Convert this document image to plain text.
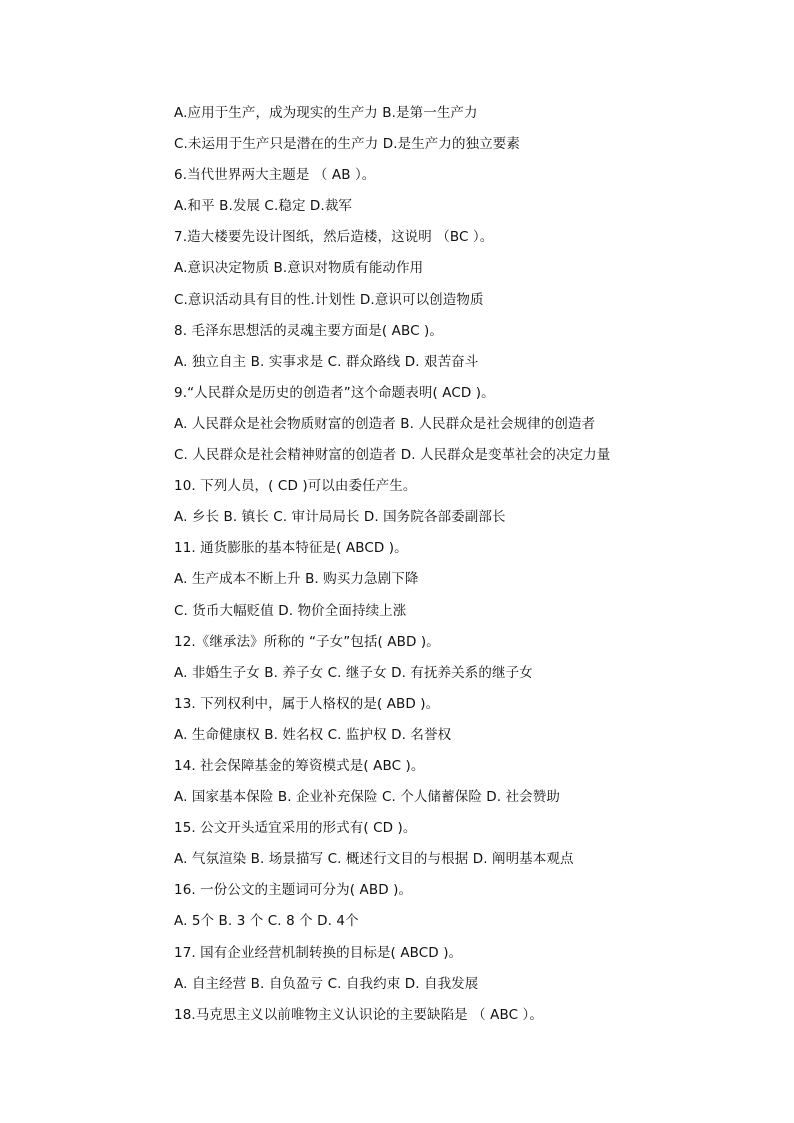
A.应用于生产，成为现实的生产力 B.是第一生产力
C.未运用于生产只是潜在的生产力 D.是生产力的独立要素
6.当代世界两大主题是 （ AB ）。
A.和平 B.发展 C.稳定 D.裁军
7.造大楼要先设计图纸，然后造楼，这说明 （BC ）。
A.意识决定物质 B.意识对物质有能动作用
C.意识活动具有目的性.计划性 D.意识可以创造物质
8. 毛泽东思想活的灵魂主要方面是( ABC )。
A. 独立自主 B. 实事求是 C. 群众路线 D. 艰苦奋斗
9.“人民群众是历史的创造者”这个命题表明( ACD )。
A. 人民群众是社会物质财富的创造者 B. 人民群众是社会规律的创造者
C. 人民群众是社会精神财富的创造者 D. 人民群众是变革社会的决定力量
10. 下列人员，( CD )可以由委任产生。
A. 乡长 B. 镇长 C. 审计局局长 D. 国务院各部委副部长
11. 通货膨胀的基本特征是( ABCD )。
A. 生产成本不断上升 B. 购买力急剧下降
C. 货币大幅贬值 D. 物价全面持续上涨
12.《继承法》所称的 “子女”包括( ABD )。
A. 非婚生子女 B. 养子女 C. 继子女 D. 有抚养关系的继子女
13. 下列权利中，属于人格权的是( ABD )。
A. 生命健康权 B. 姓名权 C. 监护权 D. 名誉权
14. 社会保障基金的筹资模式是( ABC )。
A. 国家基本保险 B. 企业补充保险 C. 个人储蓄保险 D. 社会赞助
15. 公文开头适宜采用的形式有( CD )。
A. 气氛渲染 B. 场景描写 C. 概述行文目的与根据 D. 阐明基本观点
16. 一份公文的主题词可分为( ABD )。
A. 5个 B. 3 个 C. 8 个 D. 4个
17. 国有企业经营机制转换的目标是( ABCD )。
A. 自主经营 B. 自负盈亏 C. 自我约束 D. 自我发展
18.马克思主义以前唯物主义认识论的主要缺陷是 （ ABC ）。
